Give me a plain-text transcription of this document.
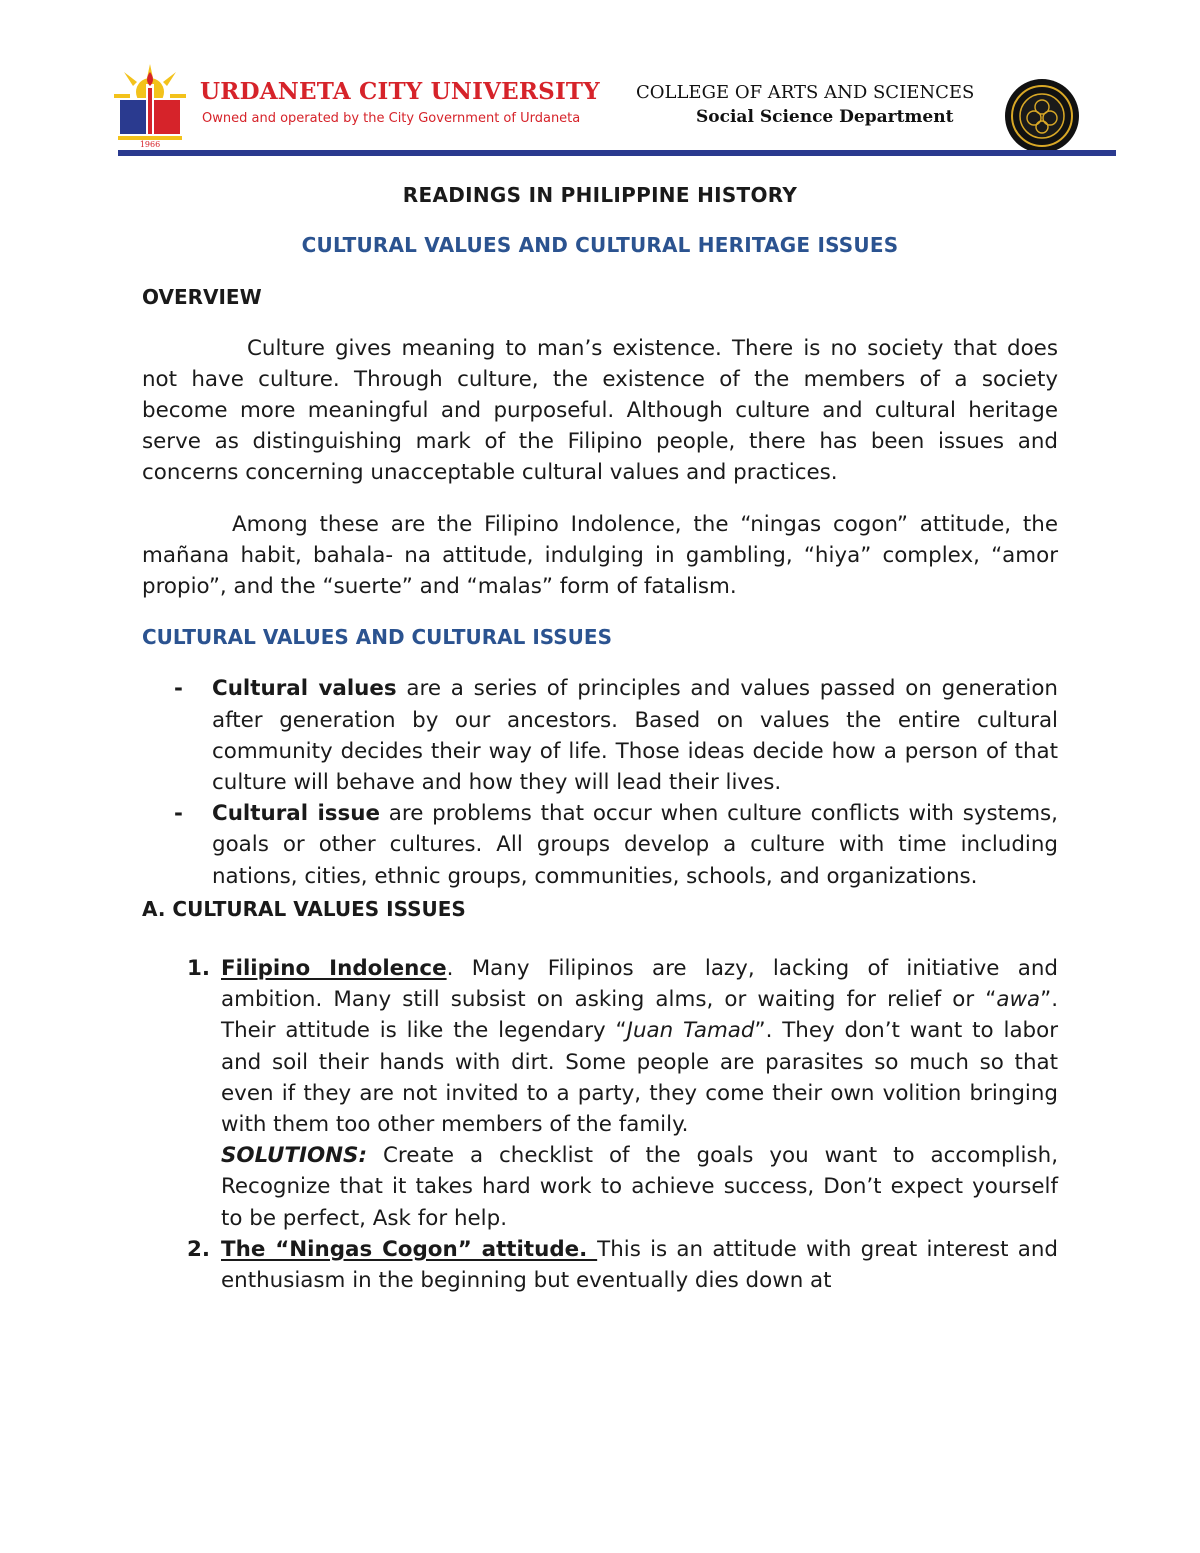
1966
URDANETA CITY UNIVERSITY
Owned and operated by the City Government of Urdaneta
COLLEGE OF ARTS AND SCIENCES
Social Science Department
READINGS IN PHILIPPINE HISTORY
CULTURAL VALUES AND CULTURAL HERITAGE ISSUES
OVERVIEW

Culture gives meaning to man’s existence. There is no society that does not have culture. Through culture, the existence of the members of a society become more meaningful and purposeful. Although culture and cultural heritage serve as distinguishing mark of the Filipino people, there has been issues and concerns concerning unacceptable cultural values and practices.

Among these are the Filipino Indolence, the “ningas cogon” attitude, the mañana habit, bahala- na attitude, indulging in gambling, “hiya” complex, “amor propio”, and the “suerte” and “malas” form of fatalism.

CULTURAL VALUES AND CULTURAL ISSUES
- Cultural values are a series of principles and values passed on generation after generation by our ancestors. Based on values the entire cultural community decides their way of life. Those ideas decide how a person of that culture will behave and how they will lead their lives.
- Cultural issue are problems that occur when culture conflicts with systems, goals or other cultures. All groups develop a culture with time including nations, cities, ethnic groups, communities, schools, and organizations.
A. CULTURAL VALUES ISSUES
1. Filipino Indolence. Many Filipinos are lazy, lacking of initiative and ambition. Many still subsist on asking alms, or waiting for relief or “awa”. Their attitude is like the legendary “Juan Tamad”. They don’t want to labor and soil their hands with dirt. Some people are parasites so much so that even if they are not invited to a party, they come their own volition bringing with them too other members of the family.
SOLUTIONS: Create a checklist of the goals you want to accomplish, Recognize that it takes hard work to achieve success, Don’t expect yourself to be perfect, Ask for help.
2. The “Ningas Cogon” attitude. This is an attitude with great interest and enthusiasm in the beginning but eventually dies down at
